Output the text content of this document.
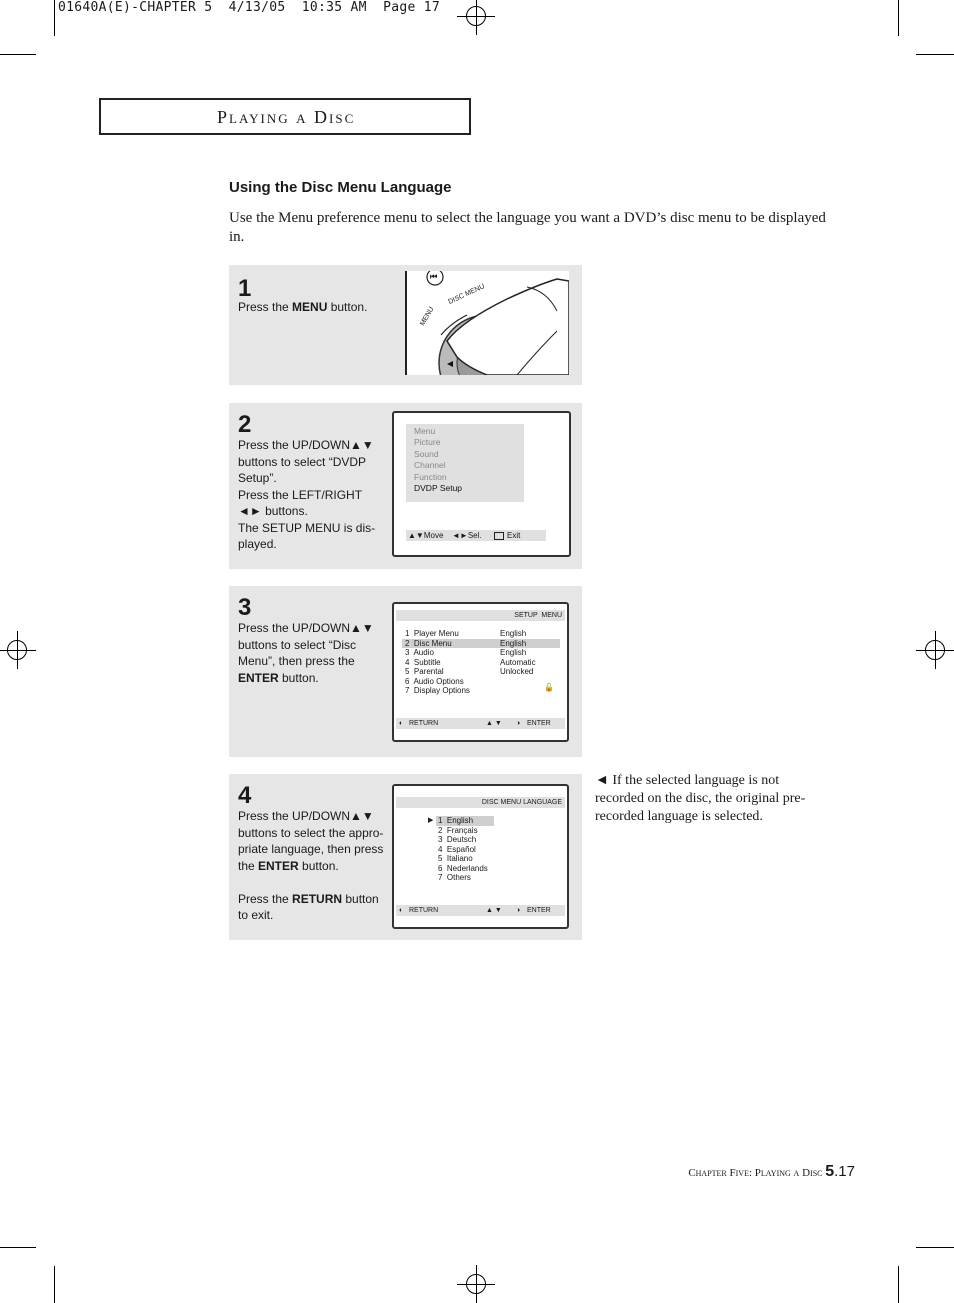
01640A(E)-CHAPTER 5  4/13/05  10:35 AM  Page 17
Playing a Disc
Using the Disc Menu Language
Use the Menu preference menu to select the language you want a DVD’s disc menu to be displayed in.
1
Press the MENU button.
⏮
MENU
DISC MENU
2
Press the UP/DOWN▲▼ buttons to select “DVDP Setup”.
Press the LEFT/RIGHT ◄► buttons.
The SETUP MENU is dis- played.
Menu
Picture
Sound
Channel
Function
DVDP Setup
▲▼Move ◄►Sel.	Exit
3
Press the UP/DOWN▲▼ buttons to select “Disc Menu”, then press the ENTER button.
SETUP  MENU
1  Player Menu	English
2  Disc Menu	English
3  Audio	English
4  Subtitle	Automatic
5  Parental	Unlocked
6  Audio Options
7  Display Options	🔓
◐ RETURN	▲ ▼ ◑ ENTER
4
Press the UP/DOWN▲▼ buttons to select the appro- priate language, then press the ENTER button.

Press the RETURN button to exit.
DISC MENU LANGUAGE
▶ 1  English
2  Français
3  Deutsch
4  Español
5  Italiano
6  Nederlands
7  Others
◐ RETURN	▲ ▼ ◑ ENTER
◄ If the selected language is not recorded on the disc, the original pre-recorded language is selected.
Chapter Five: Playing a Disc 5.17
